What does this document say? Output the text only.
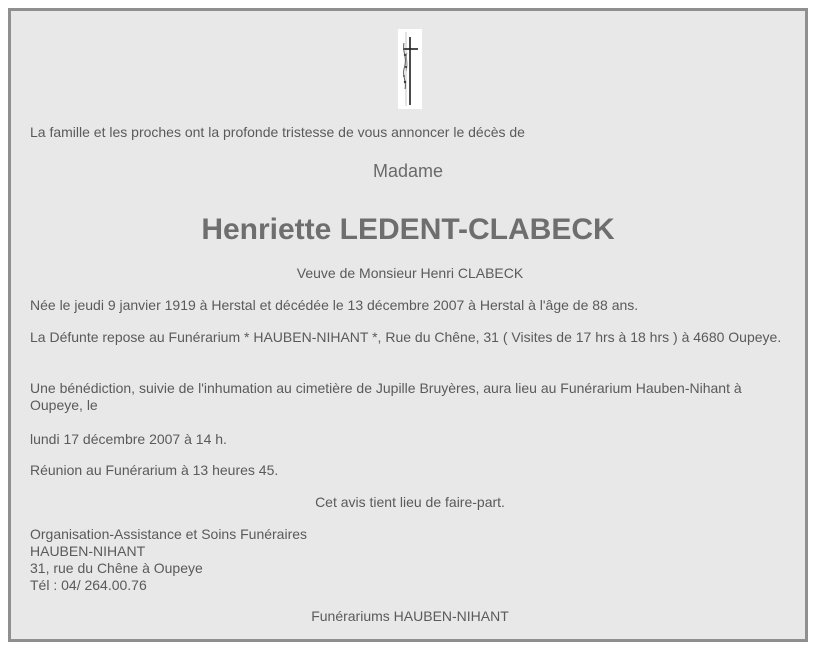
La famille et les proches ont la profonde tristesse de vous annoncer le décès de

Madame
Henriette LEDENT-CLABECK

Veuve de Monsieur Henri CLABECK

Née le jeudi 9 janvier 1919 à Herstal et décédée le 13 décembre 2007 à Herstal à l'âge de 88 ans.

La Défunte repose au Funérarium * HAUBEN-NIHANT *, Rue du Chêne, 31 ( Visites de 17 hrs à 18 hrs ) à 4680 Oupeye.

Une bénédiction, suivie de l'inhumation au cimetière de Jupille Bruyères, aura lieu au Funérarium Hauben-Nihant à Oupeye, le

lundi 17 décembre 2007 à 14 h.

Réunion au Funérarium à 13 heures 45.

Cet avis tient lieu de faire-part.

Organisation-Assistance et Soins Funéraires
HAUBEN-NIHANT
31, rue du Chêne à Oupeye
Tél : 04/ 264.00.76

Funérariums HAUBEN-NIHANT
